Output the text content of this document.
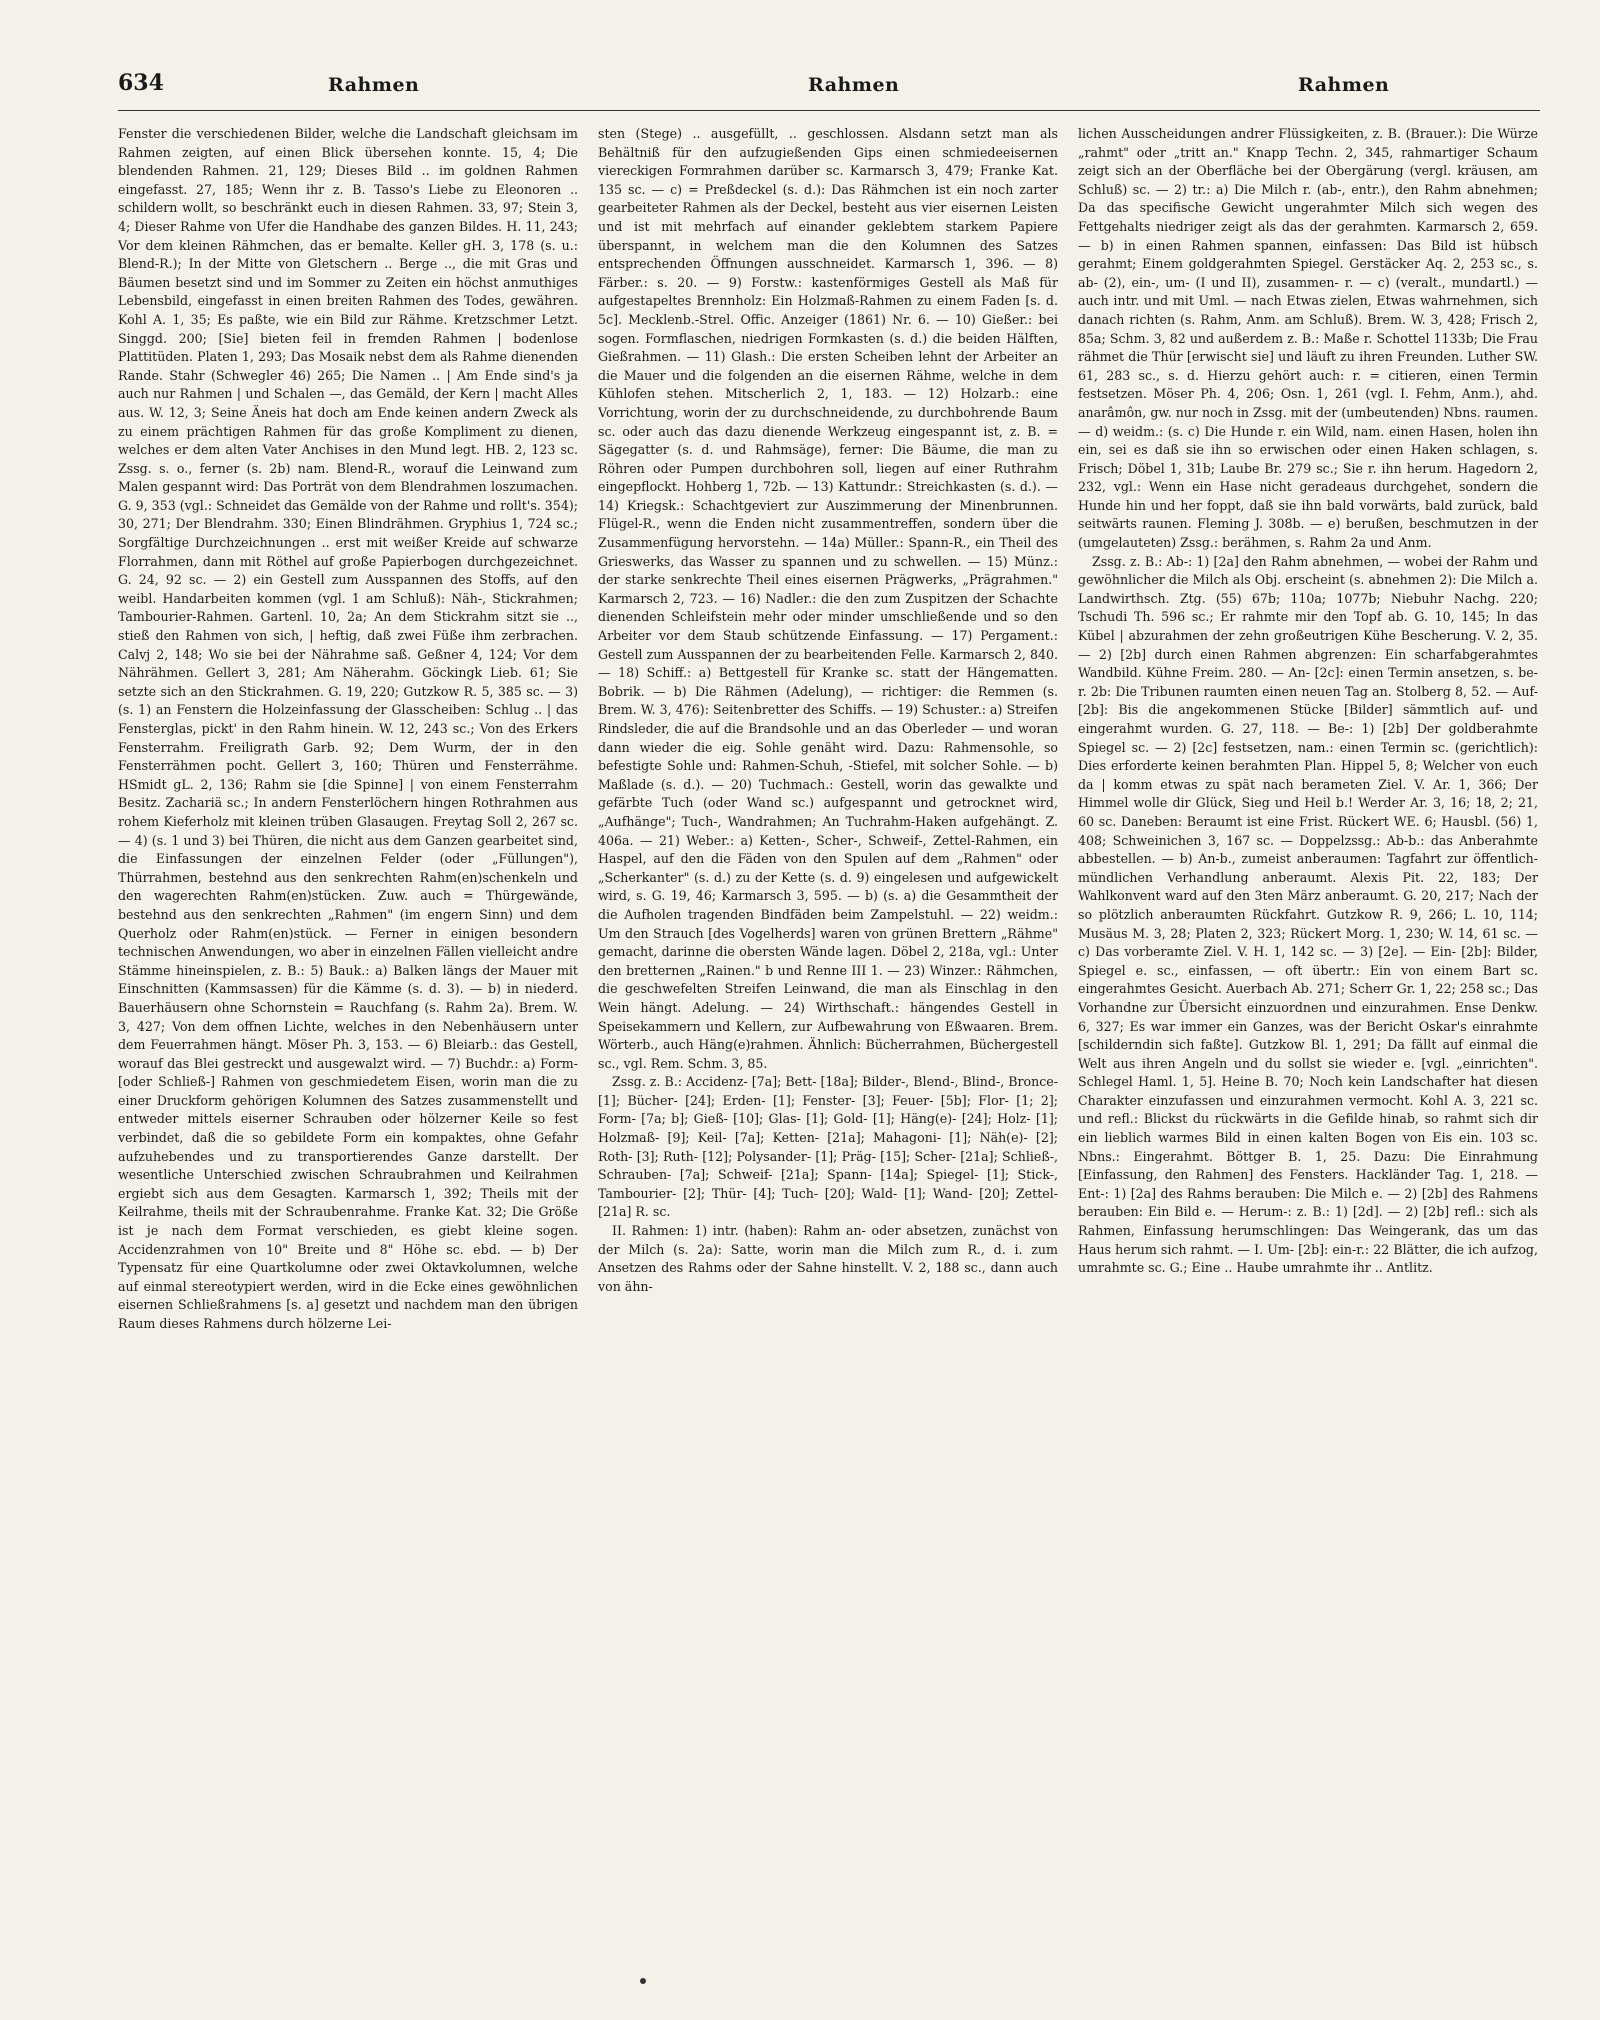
634	Rahmen	Rahmen	Rahmen

Fenster die verschiedenen Bilder, welche die Landschaft gleichsam im Rahmen zeigten, auf einen Blick übersehen konnte. 15, 4; Die blendenden Rahmen. 21, 129; Dieses Bild .. im goldnen Rahmen eingefasst. 27, 185; Wenn ihr z. B. Tasso's Liebe zu Eleonoren .. schildern wollt, so beschränkt euch in diesen Rahmen. 33, 97; Stein 3, 4; Dieser Rahme von Ufer die Handhabe des ganzen Bildes. H. 11, 243; Vor dem kleinen Rähmchen, das er bemalte. Keller gH. 3, 178 (s. u.: Blend-R.); In der Mitte von Gletschern .. Berge .., die mit Gras und Bäumen besetzt sind und im Sommer zu Zeiten ein höchst anmuthiges Lebensbild, eingefasst in einen breiten Rahmen des Todes, gewähren. Kohl A. 1, 35; Es paßte, wie ein Bild zur Rähme. Kretzschmer Letzt. Singgd. 200; [Sie] bieten feil in fremden Rahmen | bodenlose Plattitüden. Platen 1, 293; Das Mosaik nebst dem als Rahme dienenden Rande. Stahr (Schwegler 46) 265; Die Namen .. | Am Ende sind's ja auch nur Rahmen | und Schalen —, das Gemäld, der Kern | macht Alles aus. W. 12, 3; Seine Äneis hat doch am Ende keinen andern Zweck als zu einem prächtigen Rahmen für das große Kompliment zu dienen, welches er dem alten Vater Anchises in den Mund legt. HB. 2, 123 sc. Zssg. s. o., ferner (s. 2b) nam. Blend-R., worauf die Leinwand zum Malen gespannt wird: Das Porträt von dem Blendrahmen loszumachen. G. 9, 353 (vgl.: Schneidet das Gemälde von der Rahme und rollt's. 354); 30, 271; Der Blendrahm. 330; Einen Blindrähmen. Gryphius 1, 724 sc.; Sorgfältige Durchzeichnungen .. erst mit weißer Kreide auf schwarze Florrahmen, dann mit Röthel auf große Papierbogen durchgezeichnet. G. 24, 92 sc. — 2) ein Gestell zum Ausspannen des Stoffs, auf den weibl. Handarbeiten kommen (vgl. 1 am Schluß): Näh-, Stickrahmen; Tambourier-Rahmen. Gartenl. 10, 2a; An dem Stickrahm sitzt sie .., stieß den Rahmen von sich, | heftig, daß zwei Füße ihm zerbrachen. Calvj 2, 148; Wo sie bei der Nährahme saß. Geßner 4, 124; Vor dem Nährähmen. Gellert 3, 281; Am Näherahm. Göckingk Lieb. 61; Sie setzte sich an den Stickrahmen. G. 19, 220; Gutzkow R. 5, 385 sc. — 3) (s. 1) an Fenstern die Holzeinfassung der Glasscheiben: Schlug .. | das Fensterglas, pickt' in den Rahm hinein. W. 12, 243 sc.; Von des Erkers Fensterrahm. Freiligrath Garb. 92; Dem Wurm, der in den Fensterrähmen pocht. Gellert 3, 160; Thüren und Fensterrähme. HSmidt gL. 2, 136; Rahm sie [die Spinne] | von einem Fensterrahm Besitz. Zachariä sc.; In andern Fensterlöchern hingen Rothrahmen aus rohem Kieferholz mit kleinen trüben Glasaugen. Freytag Soll 2, 267 sc. — 4) (s. 1 und 3) bei Thüren, die nicht aus dem Ganzen gearbeitet sind, die Einfassungen der einzelnen Felder (oder „Füllungen"), Thürrahmen, bestehnd aus den senkrechten Rahm(en)schenkeln und den wagerechten Rahm(en)stücken. Zuw. auch = Thürgewände, bestehnd aus den senkrechten „Rahmen" (im engern Sinn) und dem Querholz oder Rahm(en)stück. — Ferner in einigen besondern technischen Anwendungen, wo aber in einzelnen Fällen vielleicht andre Stämme hineinspielen, z. B.: 5) Bauk.: a) Balken längs der Mauer mit Einschnitten (Kammsassen) für die Kämme (s. d. 3). — b) in niederd. Bauerhäusern ohne Schornstein = Rauchfang (s. Rahm 2a). Brem. W. 3, 427; Von dem offnen Lichte, welches in den Nebenhäusern unter dem Feuerrahmen hängt. Möser Ph. 3, 153. — 6) Bleiarb.: das Gestell, worauf das Blei gestreckt und ausgewalzt wird. — 7) Buchdr.: a) Form- [oder Schließ-] Rahmen von geschmiedetem Eisen, worin man die zu einer Druckform gehörigen Kolumnen des Satzes zusammenstellt und entweder mittels eiserner Schrauben oder hölzerner Keile so fest verbindet, daß die so gebildete Form ein kompaktes, ohne Gefahr aufzuhebendes und zu transportierendes Ganze darstellt. Der wesentliche Unterschied zwischen Schraubrahmen und Keilrahmen ergiebt sich aus dem Gesagten. Karmarsch 1, 392; Theils mit der Keilrahme, theils mit der Schraubenrahme. Franke Kat. 32; Die Größe ist je nach dem Format verschieden, es giebt kleine sogen. Accidenzrahmen von 10" Breite und 8" Höhe sc. ebd. — b) Der Typensatz für eine Quartkolumne oder zwei Oktavkolumnen, welche auf einmal stereotypiert werden, wird in die Ecke eines gewöhnlichen eisernen Schließrahmens [s. a] gesetzt und nachdem man den übrigen Raum dieses Rahmens durch hölzerne Lei-

sten (Stege) .. ausgefüllt, .. geschlossen. Alsdann setzt man als Behältniß für den aufzugießenden Gips einen schmiedeeisernen viereckigen Formrahmen darüber sc. Karmarsch 3, 479; Franke Kat. 135 sc. — c) = Preßdeckel (s. d.): Das Rähmchen ist ein noch zarter gearbeiteter Rahmen als der Deckel, besteht aus vier eisernen Leisten und ist mit mehrfach auf einander geklebtem starkem Papiere überspannt, in welchem man die den Kolumnen des Satzes entsprechenden Öffnungen ausschneidet. Karmarsch 1, 396. — 8) Färber.: s. 20. — 9) Forstw.: kastenförmiges Gestell als Maß für aufgestapeltes Brennholz: Ein Holzmaß-Rahmen zu einem Faden [s. d. 5c]. Mecklenb.-Strel. Offic. Anzeiger (1861) Nr. 6. — 10) Gießer.: bei sogen. Formflaschen, niedrigen Formkasten (s. d.) die beiden Hälften, Gießrahmen. — 11) Glash.: Die ersten Scheiben lehnt der Arbeiter an die Mauer und die folgenden an die eisernen Rähme, welche in dem Kühlofen stehen. Mitscherlich 2, 1, 183. — 12) Holzarb.: eine Vorrichtung, worin der zu durchschneidende, zu durchbohrende Baum sc. oder auch das dazu dienende Werkzeug eingespannt ist, z. B. = Sägegatter (s. d. und Rahmsäge), ferner: Die Bäume, die man zu Röhren oder Pumpen durchbohren soll, liegen auf einer Ruthrahm eingepflockt. Hohberg 1, 72b. — 13) Kattundr.: Streichkasten (s. d.). — 14) Kriegsk.: Schachtgeviert zur Auszimmerung der Minenbrunnen. Flügel-R., wenn die Enden nicht zusammentreffen, sondern über die Zusammenfügung hervorstehn. — 14a) Müller.: Spann-R., ein Theil des Grieswerks, das Wasser zu spannen und zu schwellen. — 15) Münz.: der starke senkrechte Theil eines eisernen Prägwerks, „Prägrahmen." Karmarsch 2, 723. — 16) Nadler.: die den zum Zuspitzen der Schachte dienenden Schleifstein mehr oder minder umschließende und so den Arbeiter vor dem Staub schützende Einfassung. — 17) Pergament.: Gestell zum Ausspannen der zu bearbeitenden Felle. Karmarsch 2, 840. — 18) Schiff.: a) Bettgestell für Kranke sc. statt der Hängematten. Bobrik. — b) Die Rähmen (Adelung), — richtiger: die Remmen (s. Brem. W. 3, 476): Seitenbretter des Schiffs. — 19) Schuster.: a) Streifen Rindsleder, die auf die Brandsohle und an das Oberleder — und woran dann wieder die eig. Sohle genäht wird. Dazu: Rahmensohle, so befestigte Sohle und: Rahmen-Schuh, -Stiefel, mit solcher Sohle. — b) Maßlade (s. d.). — 20) Tuchmach.: Gestell, worin das gewalkte und gefärbte Tuch (oder Wand sc.) aufgespannt und getrocknet wird, „Aufhänge"; Tuch-, Wandrahmen; An Tuchrahm-Haken aufgehängt. Z. 406a. — 21) Weber.: a) Ketten-, Scher-, Schweif-, Zettel-Rahmen, ein Haspel, auf den die Fäden von den Spulen auf dem „Rahmen" oder „Scherkanter" (s. d.) zu der Kette (s. d. 9) eingelesen und aufgewickelt wird, s. G. 19, 46; Karmarsch 3, 595. — b) (s. a) die Gesammtheit der die Aufholen tragenden Bindfäden beim Zampelstuhl. — 22) weidm.: Um den Strauch [des Vogelherds] waren von grünen Brettern „Rähme" gemacht, darinne die obersten Wände lagen. Döbel 2, 218a, vgl.: Unter den bretternen „Rainen." b und Renne III 1. — 23) Winzer.: Rähmchen, die geschwefelten Streifen Leinwand, die man als Einschlag in den Wein hängt. Adelung. — 24) Wirthschaft.: hängendes Gestell in Speisekammern und Kellern, zur Aufbewahrung von Eßwaaren. Brem. Wörterb., auch Häng(e)rahmen. Ähnlich: Bücherrahmen, Büchergestell sc., vgl. Rem. Schm. 3, 85.

Zssg. z. B.: Accidenz- [7a]; Bett- [18a]; Bilder-, Blend-, Blind-, Bronce- [1]; Bücher- [24]; Erden- [1]; Fenster- [3]; Feuer- [5b]; Flor- [1; 2]; Form- [7a; b]; Gieß- [10]; Glas- [1]; Gold- [1]; Häng(e)- [24]; Holz- [1]; Holzmaß- [9]; Keil- [7a]; Ketten- [21a]; Mahagoni- [1]; Näh(e)- [2]; Roth- [3]; Ruth- [12]; Polysander- [1]; Präg- [15]; Scher- [21a]; Schließ-, Schrauben- [7a]; Schweif- [21a]; Spann- [14a]; Spiegel- [1]; Stick-, Tambourier- [2]; Thür- [4]; Tuch- [20]; Wald- [1]; Wand- [20]; Zettel- [21a] R. sc.

II. Rahmen: 1) intr. (haben): Rahm an- oder absetzen, zunächst von der Milch (s. 2a): Satte, worin man die Milch zum R., d. i. zum Ansetzen des Rahms oder der Sahne hinstellt. V. 2, 188 sc., dann auch von ähn-

lichen Ausscheidungen andrer Flüssigkeiten, z. B. (Brauer.): Die Würze „rahmt" oder „tritt an." Knapp Techn. 2, 345, rahmartiger Schaum zeigt sich an der Oberfläche bei der Obergärung (vergl. kräusen, am Schluß) sc. — 2) tr.: a) Die Milch r. (ab-, entr.), den Rahm abnehmen; Da das specifische Gewicht ungerahmter Milch sich wegen des Fettgehalts niedriger zeigt als das der gerahmten. Karmarsch 2, 659. — b) in einen Rahmen spannen, einfassen: Das Bild ist hübsch gerahmt; Einem goldgerahmten Spiegel. Gerstäcker Aq. 2, 253 sc., s. ab- (2), ein-, um- (I und II), zusammen- r. — c) (veralt., mundartl.) — auch intr. und mit Uml. — nach Etwas zielen, Etwas wahrnehmen, sich danach richten (s. Rahm, Anm. am Schluß). Brem. W. 3, 428; Frisch 2, 85a; Schm. 3, 82 und außerdem z. B.: Maße r. Schottel 1133b; Die Frau rähmet die Thür [erwischt sie] und läuft zu ihren Freunden. Luther SW. 61, 283 sc., s. d. Hierzu gehört auch: r. = citieren, einen Termin festsetzen. Möser Ph. 4, 206; Osn. 1, 261 (vgl. I. Fehm, Anm.), ahd. anarâmôn, gw. nur noch in Zssg. mit der (umbeutenden) Nbns. raumen. — d) weidm.: (s. c) Die Hunde r. ein Wild, nam. einen Hasen, holen ihn ein, sei es daß sie ihn so erwischen oder einen Haken schlagen, s. Frisch; Döbel 1, 31b; Laube Br. 279 sc.; Sie r. ihn herum. Hagedorn 2, 232, vgl.: Wenn ein Hase nicht geradeaus durchgehet, sondern die Hunde hin und her foppt, daß sie ihn bald vorwärts, bald zurück, bald seitwärts raunen. Fleming J. 308b. — e) berußen, beschmutzen in der (umgelauteten) Zssg.: berähmen, s. Rahm 2a und Anm.

Zssg. z. B.: Ab-: 1) [2a] den Rahm abnehmen, — wobei der Rahm und gewöhnlicher die Milch als Obj. erscheint (s. abnehmen 2): Die Milch a. Landwirthsch. Ztg. (55) 67b; 110a; 1077b; Niebuhr Nachg. 220; Tschudi Th. 596 sc.; Er rahmte mir den Topf ab. G. 10, 145; In das Kübel | abzurahmen der zehn großeutrigen Kühe Bescherung. V. 2, 35. — 2) [2b] durch einen Rahmen abgrenzen: Ein scharfabgerahmtes Wandbild. Kühne Freim. 280. — An- [2c]: einen Termin ansetzen, s. be-r. 2b: Die Tribunen raumten einen neuen Tag an. Stolberg 8, 52. — Auf- [2b]: Bis die angekommenen Stücke [Bilder] sämmtlich auf- und eingerahmt wurden. G. 27, 118. — Be-: 1) [2b] Der goldberahmte Spiegel sc. — 2) [2c] festsetzen, nam.: einen Termin sc. (gerichtlich): Dies erforderte keinen berahmten Plan. Hippel 5, 8; Welcher von euch da | komm etwas zu spät nach berameten Ziel. V. Ar. 1, 366; Der Himmel wolle dir Glück, Sieg und Heil b.! Werder Ar. 3, 16; 18, 2; 21, 60 sc. Daneben: Beraumt ist eine Frist. Rückert WE. 6; Hausbl. (56) 1, 408; Schweinichen 3, 167 sc. — Doppelzssg.: Ab-b.: das Anberahmte abbestellen. — b) An-b., zumeist anberaumen: Tagfahrt zur öffentlich-mündlichen Verhandlung anberaumt. Alexis Pit. 22, 183; Der Wahlkonvent ward auf den 3ten März anberaumt. G. 20, 217; Nach der so plötzlich anberaumten Rückfahrt. Gutzkow R. 9, 266; L. 10, 114; Musäus M. 3, 28; Platen 2, 323; Rückert Morg. 1, 230; W. 14, 61 sc. — c) Das vorberamte Ziel. V. H. 1, 142 sc. — 3) [2e]. — Ein- [2b]: Bilder, Spiegel e. sc., einfassen, — oft übertr.: Ein von einem Bart sc. eingerahmtes Gesicht. Auerbach Ab. 271; Scherr Gr. 1, 22; 258 sc.; Das Vorhandne zur Übersicht einzuordnen und einzurahmen. Ense Denkw. 6, 327; Es war immer ein Ganzes, was der Bericht Oskar's einrahmte [schilderndin sich faßte]. Gutzkow Bl. 1, 291; Da fällt auf einmal die Welt aus ihren Angeln und du sollst sie wieder e. [vgl. „einrichten". Schlegel Haml. 1, 5]. Heine B. 70; Noch kein Landschafter hat diesen Charakter einzufassen und einzurahmen vermocht. Kohl A. 3, 221 sc. und refl.: Blickst du rückwärts in die Gefilde hinab, so rahmt sich dir ein lieblich warmes Bild in einen kalten Bogen von Eis ein. 103 sc. Nbns.: Eingerahmt. Böttger B. 1, 25. Dazu: Die Einrahmung [Einfassung, den Rahmen] des Fensters. Hackländer Tag. 1, 218. — Ent-: 1) [2a] des Rahms berauben: Die Milch e. — 2) [2b] des Rahmens berauben: Ein Bild e. — Herum-: z. B.: 1) [2d]. — 2) [2b] refl.: sich als Rahmen, Einfassung herumschlingen: Das Weingerank, das um das Haus herum sich rahmt. — I. Um- [2b]: ein-r.: 22 Blätter, die ich aufzog, umrahmte sc. G.; Eine .. Haube umrahmte ihr .. Antlitz.
